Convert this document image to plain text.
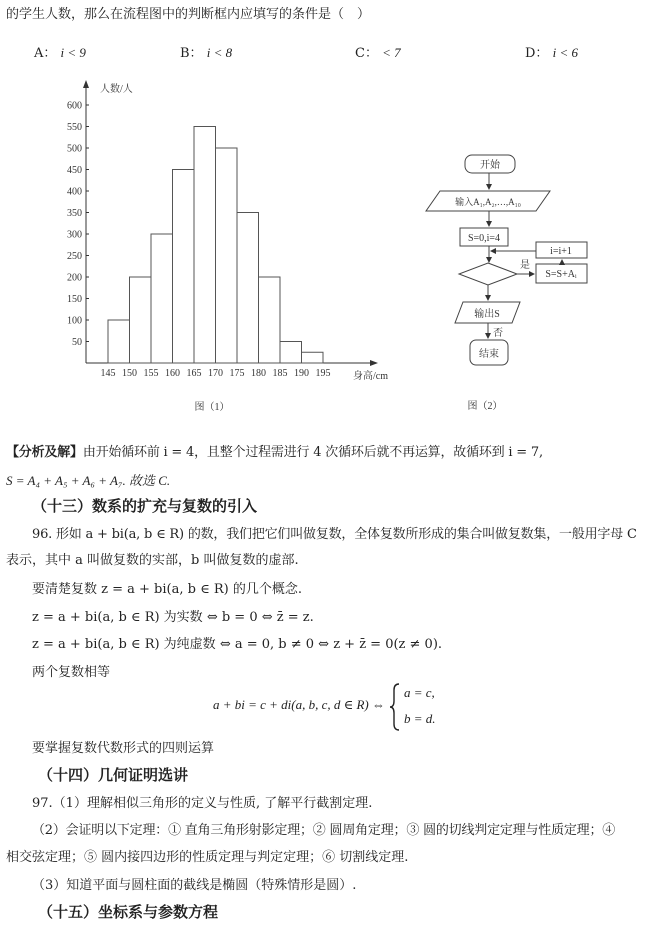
的学生人数，那么在流程图中的判断框内应填写的条件是（　）
A： i < 9	B： i < 8	C： < 7	D： i < 6
50
100
150
200
250
300
350
400
450
500
550
600
145 150 155 160 165 170 175 180 185 190 195
人数/人
身高/cm
图（1）
开始
输入A₁,A₂,…,A₁₀
S=0,i=4
i=i+1
S=S+Aᵢ
是
输出S
否
结束
图（2）
【分析及解】由开始循环前 i = 4，且整个过程需进行 4 次循环后就不再运算，故循环到 i = 7,
S = A₄ + A₅ + A₆ + A₇. 故选 C.
（十三）数系的扩充与复数的引入
96. 形如 a + bi(a, b ∈ R) 的数，我们把它们叫做复数，全体复数所形成的集合叫做复数集，一般用字母 C
表示，其中 a 叫做复数的实部，b 叫做复数的虚部.
要清楚复数 z = a + bi(a, b ∈ R) 的几个概念.
z = a + bi(a, b ∈ R) 为实数 ⇔ b = 0 ⇔ z̄ = z.
z = a + bi(a, b ∈ R) 为纯虚数 ⇔ a = 0, b ≠ 0 ⇔ z + z̄ = 0(z ≠ 0).
两个复数相等
a + bi = c + di(a, b, c, d ∈ R) ⇔
a = c,
b = d.
要掌握复数代数形式的四则运算
（十四）几何证明选讲
97.（1）理解相似三角形的定义与性质, 了解平行截割定理.
（2）会证明以下定理：① 直角三角形射影定理；② 圆周角定理；③ 圆的切线判定定理与性质定理；④
相交弦定理；⑤ 圆内接四边形的性质定理与判定定理；⑥ 切割线定理.
（3）知道平面与圆柱面的截线是椭圆（特殊情形是圆）.
（十五）坐标系与参数方程
